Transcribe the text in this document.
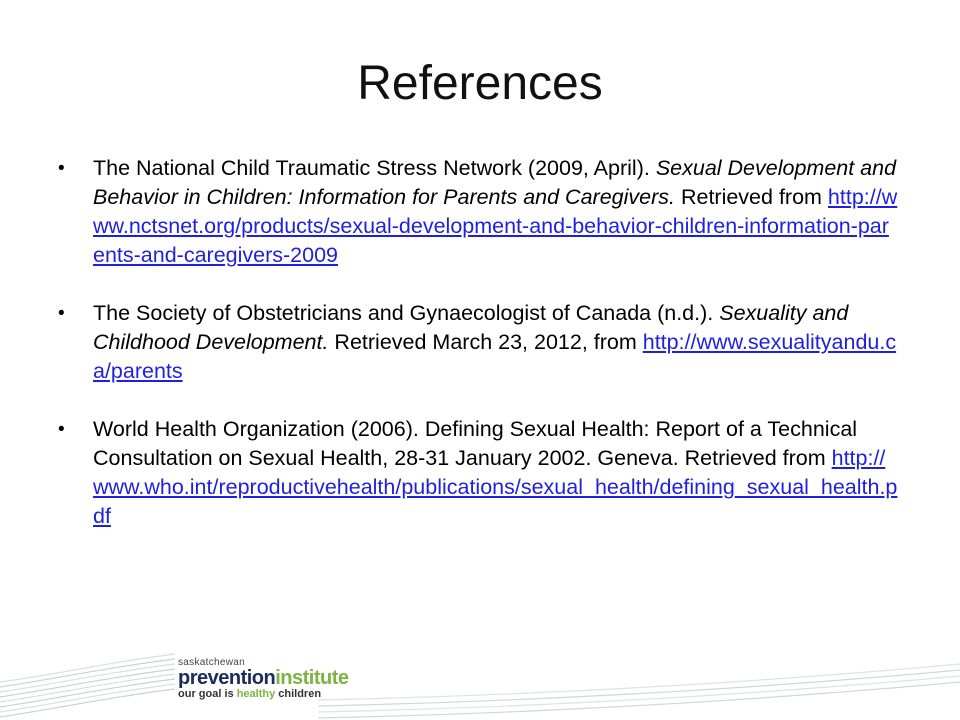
References
•	The National Child Traumatic Stress Network (2009, April). Sexual Development and Behavior in Children: Information for Parents and Caregivers. Retrieved from http://www.nctsnet.org/products/sexual-development-and-behavior-children-information-parents-and-caregivers-2009
•	The Society of Obstetricians and Gynaecologist of Canada (n.d.). Sexuality and Childhood Development. Retrieved March 23, 2012, from http://www.sexualityandu.ca/parents
•	World Health Organization (2006). Defining Sexual Health: Report of a Technical Consultation on Sexual Health, 28-31 January 2002. Geneva. Retrieved from http://www.who.int/reproductivehealth/publications/sexual_health/defining_sexual_health.pdf
saskatchewan
preventioninstitute
our goal is healthy children
